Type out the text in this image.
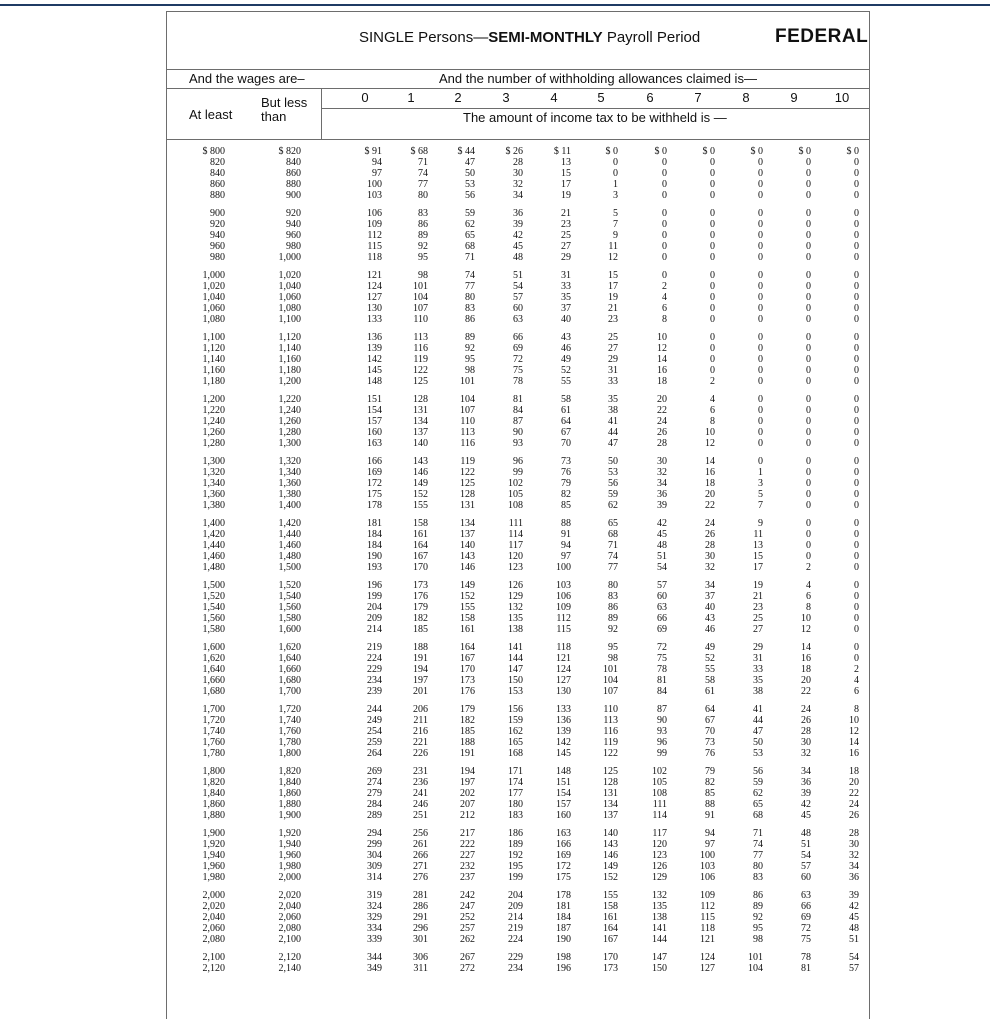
SINGLE Persons—SEMI-MONTHLY Payroll Period	FEDERAL
And the wages are–	And the number of withholding allowances claimed is—
At least
But less
than
0	1	2	3	4	5	6	7	8	9	10
The amount of income tax to be withheld is —
$ 800	$ 820	$ 91	$ 68	$ 44	$ 26	$ 11	$ 0	$ 0	$ 0	$ 0	$ 0	$ 0
820	840	94	71	47	28	13	0	0	0	0	0	0
840	860	97	74	50	30	15	0	0	0	0	0	0
860	880	100	77	53	32	17	1	0	0	0	0	0
880	900	103	80	56	34	19	3	0	0	0	0	0
900	920	106	83	59	36	21	5	0	0	0	0	0
920	940	109	86	62	39	23	7	0	0	0	0	0
940	960	112	89	65	42	25	9	0	0	0	0	0
960	980	115	92	68	45	27	11	0	0	0	0	0
980	1,000	118	95	71	48	29	12	0	0	0	0	0
1,000	1,020	121	98	74	51	31	15	0	0	0	0	0
1,020	1,040	124	101	77	54	33	17	2	0	0	0	0
1,040	1,060	127	104	80	57	35	19	4	0	0	0	0
1,060	1,080	130	107	83	60	37	21	6	0	0	0	0
1,080	1,100	133	110	86	63	40	23	8	0	0	0	0
1,100	1,120	136	113	89	66	43	25	10	0	0	0	0
1,120	1,140	139	116	92	69	46	27	12	0	0	0	0
1,140	1,160	142	119	95	72	49	29	14	0	0	0	0
1,160	1,180	145	122	98	75	52	31	16	0	0	0	0
1,180	1,200	148	125	101	78	55	33	18	2	0	0	0
1,200	1,220	151	128	104	81	58	35	20	4	0	0	0
1,220	1,240	154	131	107	84	61	38	22	6	0	0	0
1,240	1,260	157	134	110	87	64	41	24	8	0	0	0
1,260	1,280	160	137	113	90	67	44	26	10	0	0	0
1,280	1,300	163	140	116	93	70	47	28	12	0	0	0
1,300	1,320	166	143	119	96	73	50	30	14	0	0	0
1,320	1,340	169	146	122	99	76	53	32	16	1	0	0
1,340	1,360	172	149	125	102	79	56	34	18	3	0	0
1,360	1,380	175	152	128	105	82	59	36	20	5	0	0
1,380	1,400	178	155	131	108	85	62	39	22	7	0	0
1,400	1,420	181	158	134	111	88	65	42	24	9	0	0
1,420	1,440	184	161	137	114	91	68	45	26	11	0	0
1,440	1,460	184	164	140	117	94	71	48	28	13	0	0
1,460	1,480	190	167	143	120	97	74	51	30	15	0	0
1,480	1,500	193	170	146	123	100	77	54	32	17	2	0
1,500	1,520	196	173	149	126	103	80	57	34	19	4	0
1,520	1,540	199	176	152	129	106	83	60	37	21	6	0
1,540	1,560	204	179	155	132	109	86	63	40	23	8	0
1,560	1,580	209	182	158	135	112	89	66	43	25	10	0
1,580	1,600	214	185	161	138	115	92	69	46	27	12	0
1,600	1,620	219	188	164	141	118	95	72	49	29	14	0
1,620	1,640	224	191	167	144	121	98	75	52	31	16	0
1,640	1,660	229	194	170	147	124	101	78	55	33	18	2
1,660	1,680	234	197	173	150	127	104	81	58	35	20	4
1,680	1,700	239	201	176	153	130	107	84	61	38	22	6
1,700	1,720	244	206	179	156	133	110	87	64	41	24	8
1,720	1,740	249	211	182	159	136	113	90	67	44	26	10
1,740	1,760	254	216	185	162	139	116	93	70	47	28	12
1,760	1,780	259	221	188	165	142	119	96	73	50	30	14
1,780	1,800	264	226	191	168	145	122	99	76	53	32	16
1,800	1,820	269	231	194	171	148	125	102	79	56	34	18
1,820	1,840	274	236	197	174	151	128	105	82	59	36	20
1,840	1,860	279	241	202	177	154	131	108	85	62	39	22
1,860	1,880	284	246	207	180	157	134	111	88	65	42	24
1,880	1,900	289	251	212	183	160	137	114	91	68	45	26
1,900	1,920	294	256	217	186	163	140	117	94	71	48	28
1,920	1,940	299	261	222	189	166	143	120	97	74	51	30
1,940	1,960	304	266	227	192	169	146	123	100	77	54	32
1,960	1,980	309	271	232	195	172	149	126	103	80	57	34
1,980	2,000	314	276	237	199	175	152	129	106	83	60	36
2,000	2,020	319	281	242	204	178	155	132	109	86	63	39
2,020	2,040	324	286	247	209	181	158	135	112	89	66	42
2,040	2,060	329	291	252	214	184	161	138	115	92	69	45
2,060	2,080	334	296	257	219	187	164	141	118	95	72	48
2,080	2,100	339	301	262	224	190	167	144	121	98	75	51
2,100	2,120	344	306	267	229	198	170	147	124	101	78	54
2,120	2,140	349	311	272	234	196	173	150	127	104	81	57
